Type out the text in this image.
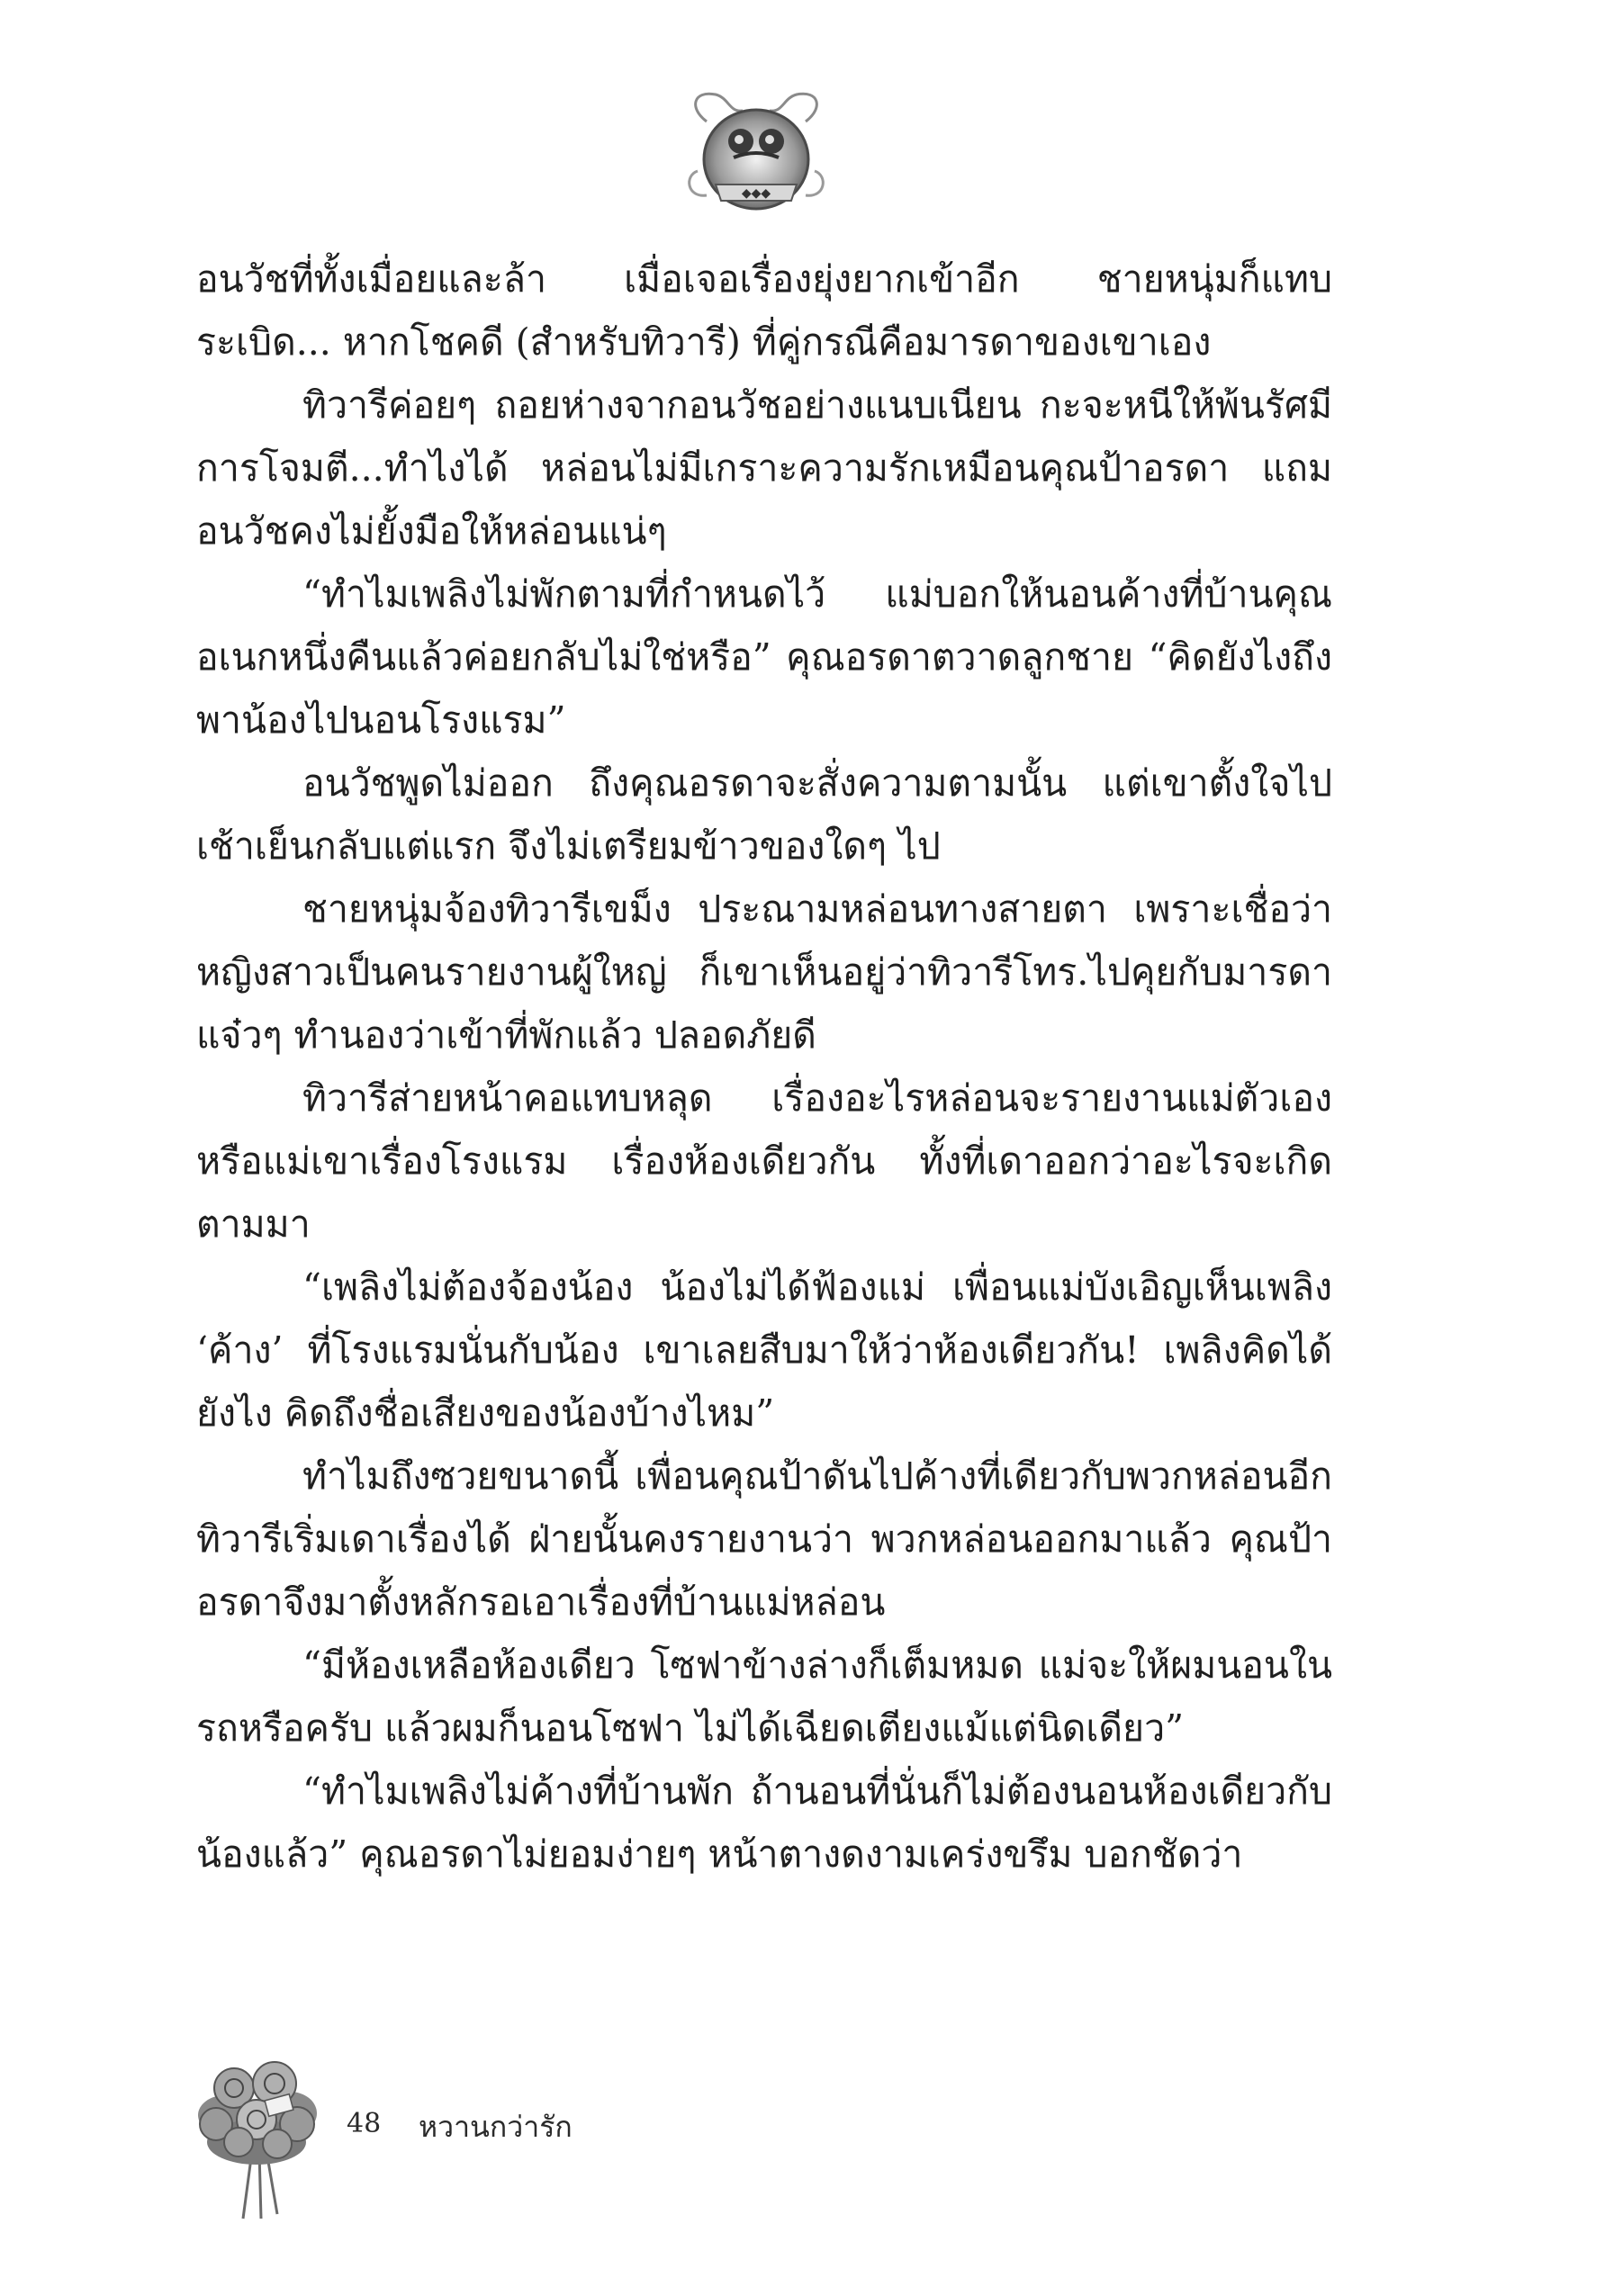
◆◆◆

อนวัชที่ทั้งเมื่อยและล้า เมื่อเจอเรื่องยุ่งยากเข้าอีก ชายหนุ่มก็แทบระเบิด... หากโชคดี (สำหรับทิวารี) ที่คู่กรณีคือมารดาของเขาเอง

ทิวารีค่อยๆ ถอยห่างจากอนวัชอย่างแนบเนียน กะจะหนีให้พ้นรัศมีการโจมตี...ทำไงได้ หล่อนไม่มีเกราะความรักเหมือนคุณป้าอรดา แถมอนวัชคงไม่ยั้งมือให้หล่อนแน่ๆ

“ทำไมเพลิงไม่พักตามที่กำหนดไว้ แม่บอกให้นอนค้างที่บ้านคุณอเนกหนึ่งคืนแล้วค่อยกลับไม่ใช่หรือ” คุณอรดาตวาดลูกชาย “คิดยังไงถึงพาน้องไปนอนโรงแรม”

อนวัชพูดไม่ออก ถึงคุณอรดาจะสั่งความตามนั้น แต่เขาตั้งใจไปเช้าเย็นกลับแต่แรก จึงไม่เตรียมข้าวของใดๆ ไป

ชายหนุ่มจ้องทิวารีเขม็ง ประณามหล่อนทางสายตา เพราะเชื่อว่าหญิงสาวเป็นคนรายงานผู้ใหญ่ ก็เขาเห็นอยู่ว่าทิวารีโทร.ไปคุยกับมารดาแจ๋วๆ ทำนองว่าเข้าที่พักแล้ว ปลอดภัยดี

ทิวารีส่ายหน้าคอแทบหลุด เรื่องอะไรหล่อนจะรายงานแม่ตัวเองหรือแม่เขาเรื่องโรงแรม เรื่องห้องเดียวกัน ทั้งที่เดาออกว่าอะไรจะเกิดตามมา

“เพลิงไม่ต้องจ้องน้อง น้องไม่ได้ฟ้องแม่ เพื่อนแม่บังเอิญเห็นเพลิง ‘ค้าง’ ที่โรงแรมนั่นกับน้อง เขาเลยสืบมาให้ว่าห้องเดียวกัน! เพลิงคิดได้ยังไง คิดถึงชื่อเสียงของน้องบ้างไหม”

ทำไมถึงซวยขนาดนี้ เพื่อนคุณป้าดันไปค้างที่เดียวกับพวกหล่อนอีก ทิวารีเริ่มเดาเรื่องได้ ฝ่ายนั้นคงรายงานว่า พวกหล่อนออกมาแล้ว คุณป้าอรดาจึงมาตั้งหลักรอเอาเรื่องที่บ้านแม่หล่อน

“มีห้องเหลือห้องเดียว โซฟาข้างล่างก็เต็มหมด แม่จะให้ผมนอนในรถหรือครับ แล้วผมก็นอนโซฟา ไม่ได้เฉียดเตียงแม้แต่นิดเดียว”

“ทำไมเพลิงไม่ค้างที่บ้านพัก ถ้านอนที่นั่นก็ไม่ต้องนอนห้องเดียวกับน้องแล้ว” คุณอรดาไม่ยอมง่ายๆ หน้าตางดงามเคร่งขรึม บอกชัดว่า

48 หวานกว่ารัก
